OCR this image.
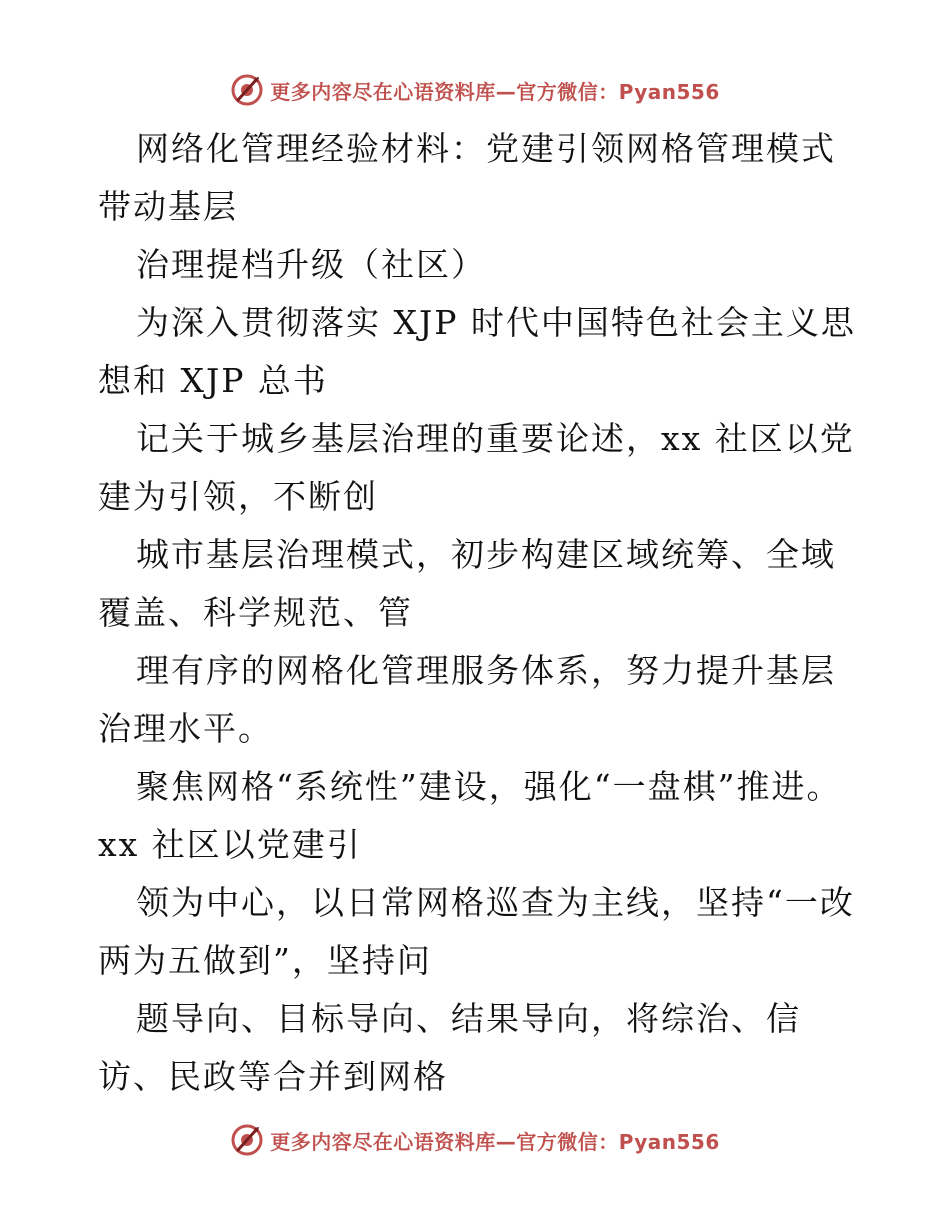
更多内容尽在心语资料库—官方微信：Pyan556

网络化管理经验材料：党建引领网格管理模式带动基层

治理提档升级（社区）

为深入贯彻落实 XJP 时代中国特色社会主义思想和 XJP 总书

记关于城乡基层治理的重要论述，xx 社区以党建为引领，不断创

城市基层治理模式，初步构建区域统筹、全域覆盖、科学规范、管

理有序的网格化管理服务体系，努力提升基层治理水平。

聚焦网格“系统性”建设，强化“一盘棋”推进。xx 社区以党建引

领为中心，以日常网格巡查为主线，坚持“一改两为五做到”，坚持问

题导向、目标导向、结果导向，将综治、信访、民政等合并到网格

更多内容尽在心语资料库—官方微信：Pyan556
